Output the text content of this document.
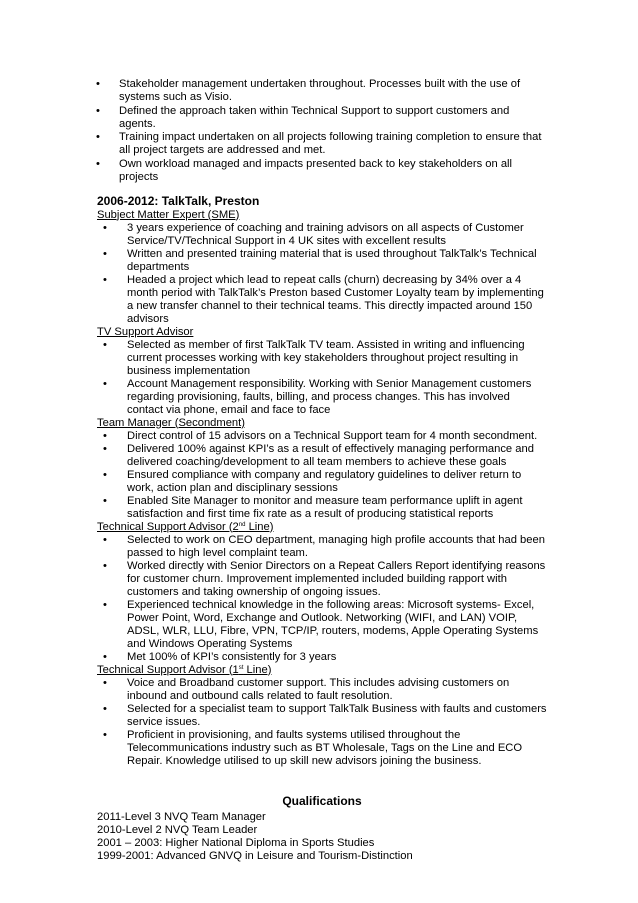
• Stakeholder management undertaken throughout. Processes built with the use of systems such as Visio.
• Defined the approach taken within Technical Support to support customers and agents.
• Training impact undertaken on all projects following training completion to ensure that all project targets are addressed and met.
• Own workload managed and impacts presented back to key stakeholders on all projects
2006-2012: TalkTalk, Preston
Subject Matter Expert (SME)
• 3 years experience of coaching and training advisors on all aspects of Customer Service/TV/Technical Support in 4 UK sites with excellent results
• Written and presented training material that is used throughout TalkTalk’s Technical departments
• Headed a project which lead to repeat calls (churn) decreasing by 34% over a 4 month period with TalkTalk’s Preston based Customer Loyalty team by implementing a new transfer channel to their technical teams. This directly impacted around 150 advisors
TV Support Advisor
• Selected as member of first TalkTalk TV team. Assisted in writing and influencing current processes working with key stakeholders throughout project resulting in business implementation
• Account Management responsibility. Working with Senior Management customers regarding provisioning, faults, billing, and process changes. This has involved contact via phone, email and face to face
Team Manager (Secondment)
• Direct control of 15 advisors on a Technical Support team for 4 month secondment.
• Delivered 100% against KPI’s as a result of effectively managing performance and delivered coaching/development to all team members to achieve these goals
• Ensured compliance with company and regulatory guidelines to deliver return to work, action plan and disciplinary sessions
• Enabled Site Manager to monitor and measure team performance uplift in agent satisfaction and first time fix rate as a result of producing statistical reports
Technical Support Advisor (2nd Line)
• Selected to work on CEO department, managing high profile accounts that had been passed to high level complaint team.
• Worked directly with Senior Directors on a Repeat Callers Report identifying reasons for customer churn. Improvement implemented included building rapport with customers and taking ownership of ongoing issues.
• Experienced technical knowledge in the following areas: Microsoft systems- Excel, Power Point, Word, Exchange and Outlook. Networking (WIFI, and LAN) VOIP, ADSL, WLR, LLU, Fibre, VPN, TCP/IP, routers, modems, Apple Operating Systems and Windows Operating Systems
• Met 100% of KPI’s consistently for 3 years
Technical Support Advisor (1st Line)
• Voice and Broadband customer support. This includes advising customers on inbound and outbound calls related to fault resolution.
• Selected for a specialist team to support TalkTalk Business with faults and customers service issues.
• Proficient in provisioning, and faults systems utilised throughout the Telecommunications industry such as BT Wholesale, Tags on the Line and ECO Repair. Knowledge utilised to up skill new advisors joining the business.
Qualifications
2011-Level 3 NVQ Team Manager
2010-Level 2 NVQ Team Leader
2001 – 2003: Higher National Diploma in Sports Studies
1999-2001: Advanced GNVQ in Leisure and Tourism-Distinction
